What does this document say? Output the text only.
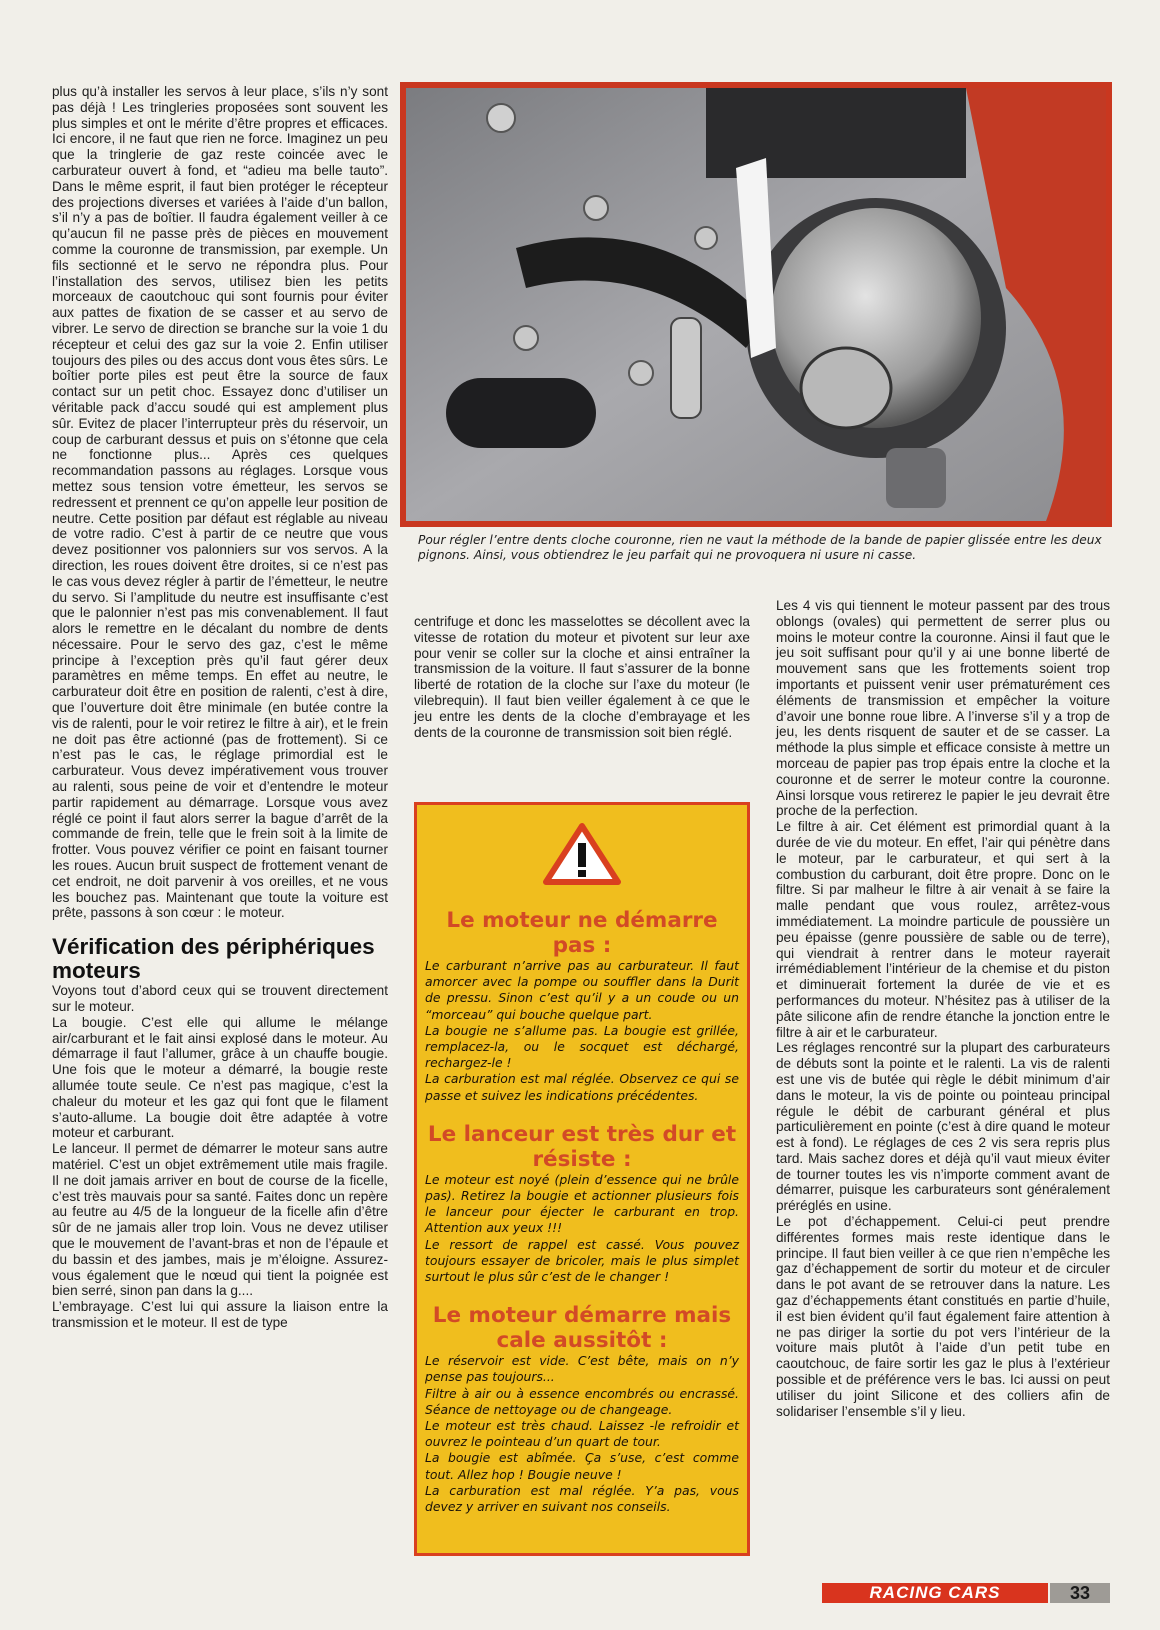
plus qu’à installer les servos à leur place, s’ils n’y sont pas déjà ! Les tringleries proposées sont souvent les plus simples et ont le mérite d’être propres et efficaces. Ici encore, il ne faut que rien ne force. Imaginez un peu que la tringlerie de gaz reste coincée avec le carburateur ouvert à fond, et “adieu ma belle tauto”. Dans le même esprit, il faut bien protéger le récepteur des projections diverses et variées à l’aide d’un ballon, s’il n’y a pas de boîtier. Il faudra également veiller à ce qu’aucun fil ne passe près de pièces en mouvement comme la couronne de transmission, par exemple. Un fils sectionné et le servo ne répondra plus. Pour l’installation des servos, utilisez bien les petits morceaux de caoutchouc qui sont fournis pour éviter aux pattes de fixation de se casser et au servo de vibrer. Le servo de direction se branche sur la voie 1 du récepteur et celui des gaz sur la voie 2. Enfin utiliser toujours des piles ou des accus dont vous êtes sûrs. Le boîtier porte piles est peut être la source de faux contact sur un petit choc. Essayez donc d’utiliser un véritable pack d’accu soudé qui est amplement plus sûr. Evitez de placer l’interrupteur près du réservoir, un coup de carburant dessus et puis on s’étonne que cela ne fonctionne plus... Après ces quelques recommandation passons au réglages. Lorsque vous mettez sous tension votre émetteur, les servos se redressent et prennent ce qu’on appelle leur position de neutre. Cette position par défaut est réglable au niveau de votre radio. C’est à partir de ce neutre que vous devez positionner vos palonniers sur vos servos. A la direction, les roues doivent être droites, si ce n’est pas le cas vous devez régler à partir de l’émetteur, le neutre du servo. Si l’amplitude du neutre est insuffisante c’est que le palonnier n’est pas mis convenablement. Il faut alors le remettre en le décalant du nombre de dents nécessaire. Pour le servo des gaz, c’est le même principe à l’exception près qu’il faut gérer deux paramètres en même temps. En effet au neutre, le carburateur doit être en position de ralenti, c’est à dire, que l’ouverture doit être minimale (en butée contre la vis de ralenti, pour le voir retirez le filtre à air), et le frein ne doit pas être actionné (pas de frottement). Si ce n’est pas le cas, le réglage primordial est le carburateur. Vous devez impérativement vous trouver au ralenti, sous peine de voir et d’entendre le moteur partir rapidement au démarrage. Lorsque vous avez réglé ce point il faut alors serrer la bague d’arrêt de la commande de frein, telle que le frein soit à la limite de frotter. Vous pouvez vérifier ce point en faisant tourner les roues. Aucun bruit suspect de frottement venant de cet endroit, ne doit parvenir à vos oreilles, et ne vous les bouchez pas. Maintenant que toute la voiture est prête, passons à son cœur : le moteur.

Vérification des périphériques moteurs

Voyons tout d’abord ceux qui se trouvent directement sur le moteur.

La bougie. C’est elle qui allume le mélange air/carburant et le fait ainsi explosé dans le moteur. Au démarrage il faut l’allumer, grâce à un chauffe bougie. Une fois que le moteur a démarré, la bougie reste allumée toute seule. Ce n’est pas magique, c’est la chaleur du moteur et les gaz qui font que le filament s’auto-allume. La bougie doit être adaptée à votre moteur et carburant.

Le lanceur. Il permet de démarrer le moteur sans autre matériel. C’est un objet extrêmement utile mais fragile. Il ne doit jamais arriver en bout de course de la ficelle, c’est très mauvais pour sa santé. Faites donc un repère au feutre au 4/5 de la longueur de la ficelle afin d’être sûr de ne jamais aller trop loin. Vous ne devez utiliser que le mouvement de l’avant-bras et non de l’épaule et du bassin et des jambes, mais je m’éloigne. Assurez-vous également que le nœud qui tient la poignée est bien serré, sinon pan dans la g....

L’embrayage. C’est lui qui assure la liaison entre la transmission et le moteur. Il est de type

Pour régler l’entre dents cloche couronne, rien ne vaut la méthode de la bande de papier glissée entre les deux pignons. Ainsi, vous obtiendrez le jeu parfait qui ne provoquera ni usure ni casse.

centrifuge et donc les masselottes se décollent avec la vitesse de rotation du moteur et pivotent sur leur axe pour venir se coller sur la cloche et ainsi entraîner la transmission de la voiture. Il faut s’assurer de la bonne liberté de rotation de la cloche sur l’axe du moteur (le vilebrequin). Il faut bien veiller également à ce que le jeu entre les dents de la cloche d’embrayage et les dents de la couronne de transmission soit bien réglé.

Le moteur ne démarre pas :

Le carburant n’arrive pas au carburateur. Il faut amorcer avec la pompe ou souffler dans la Durit de pressu. Sinon c’est qu’il y a un coude ou un “morceau” qui bouche quelque part.

La bougie ne s’allume pas. La bougie est grillée, remplacez-la, ou le socquet est déchargé, rechargez-le !

La carburation est mal réglée. Observez ce qui se passe et suivez les indications précédentes.

Le lanceur est très dur et résiste :

Le moteur est noyé (plein d’essence qui ne brûle pas). Retirez la bougie et actionner plusieurs fois le lanceur pour éjecter le carburant en trop. Attention aux yeux !!!

Le ressort de rappel est cassé. Vous pouvez toujours essayer de bricoler, mais le plus simplet surtout le plus sûr c’est de le changer !

Le moteur démarre mais cale aussitôt :

Le réservoir est vide. C’est bête, mais on n’y pense pas toujours...

Filtre à air ou à essence encombrés ou encrassé. Séance de nettoyage ou de changeage.

Le moteur est très chaud. Laissez -le refroidir et ouvrez le pointeau d’un quart de tour.

La bougie est abîmée. Ça s’use, c’est comme tout. Allez hop ! Bougie neuve !

La carburation est mal réglée. Y’a pas, vous devez y arriver en suivant nos conseils.

Les 4 vis qui tiennent le moteur passent par des trous oblongs (ovales) qui permettent de serrer plus ou moins le moteur contre la couronne. Ainsi il faut que le jeu soit suffisant pour qu’il y ai une bonne liberté de mouvement sans que les frottements soient trop importants et puissent venir user prématurément ces éléments de transmission et empêcher la voiture d’avoir une bonne roue libre. A l’inverse s’il y a trop de jeu, les dents risquent de sauter et de se casser. La méthode la plus simple et efficace consiste à mettre un morceau de papier pas trop épais entre la cloche et la couronne et de serrer le moteur contre la couronne. Ainsi lorsque vous retirerez le papier le jeu devrait être proche de la perfection.

Le filtre à air. Cet élément est primordial quant à la durée de vie du moteur. En effet, l’air qui pénètre dans le moteur, par le carburateur, et qui sert à la combustion du carburant, doit être propre. Donc on le filtre. Si par malheur le filtre à air venait à se faire la malle pendant que vous roulez, arrêtez-vous immédiatement. La moindre particule de poussière un peu épaisse (genre poussière de sable ou de terre), qui viendrait à rentrer dans le moteur rayerait irrémédiablement l’intérieur de la chemise et du piston et diminuerait fortement la durée de vie et es performances du moteur. N’hésitez pas à utiliser de la pâte silicone afin de rendre étanche la jonction entre le filtre à air et le carburateur.

Les réglages rencontré sur la plupart des carburateurs de débuts sont la pointe et le ralenti. La vis de ralenti est une vis de butée qui règle le débit minimum d’air dans le moteur, la vis de pointe ou pointeau principal régule le débit de carburant général et plus particulièrement en pointe (c’est à dire quand le moteur est à fond). Le réglages de ces 2 vis sera repris plus tard. Mais sachez dores et déjà qu’il vaut mieux éviter de tourner toutes les vis n’importe comment avant de démarrer, puisque les carburateurs sont généralement préréglés en usine.

Le pot d’échappement. Celui-ci peut prendre différentes formes mais reste identique dans le principe. Il faut bien veiller à ce que rien n’empêche les gaz d’échappement de sortir du moteur et de circuler dans le pot avant de se retrouver dans la nature. Les gaz d’échappements étant constitués en partie d’huile, il est bien évident qu’il faut également faire attention à ne pas diriger la sortie du pot vers l’intérieur de la voiture mais plutôt à l’aide d’un petit tube en caoutchouc, de faire sortir les gaz le plus à l’extérieur possible et de préférence vers le bas. Ici aussi on peut utiliser du joint Silicone et des colliers afin de solidariser l’ensemble s’il y lieu.

RACING CARS	33
